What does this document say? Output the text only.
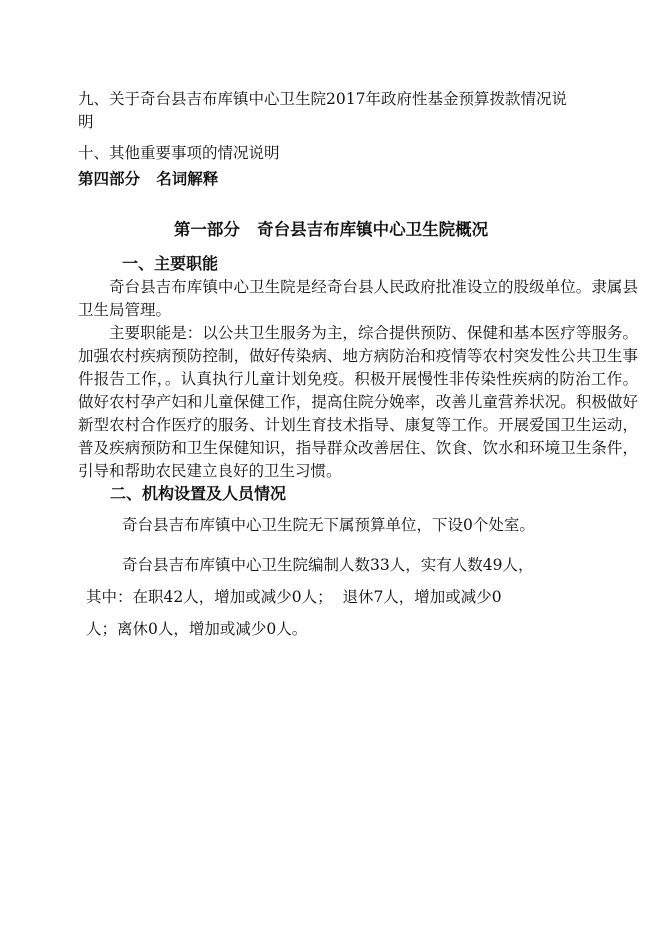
九、关于奇台县吉布库镇中心卫生院2017年政府性基金预算拨款情况说
明

十、其他重要事项的情况说明

第四部分   名词解释

第一部分   奇台县吉布库镇中心卫生院概况

一、主要职能

奇台县吉布库镇中心卫生院是经奇台县人民政府批准设立的股级单位。隶属县卫生局管理。

主要职能是：以公共卫生服务为主，综合提供预防、保健和基本医疗等服务。加强农村疾病预防控制，做好传染病、地方病防治和疫情等农村突发性公共卫生事件报告工作，。认真执行儿童计划免疫。积极开展慢性非传染性疾病的防治工作。做好农村孕产妇和儿童保健工作，提高住院分娩率，改善儿童营养状况。积极做好新型农村合作医疗的服务、计划生育技术指导、康复等工作。开展爱国卫生运动，普及疾病预防和卫生保健知识，指导群众改善居住、饮食、饮水和环境卫生条件，引导和帮助农民建立良好的卫生习惯。

二、机构设置及人员情况

奇台县吉布库镇中心卫生院无下属预算单位，下设0个处室。

奇台县吉布库镇中心卫生院编制人数33人，实有人数49人，

其中：在职42人，增加或减少0人；  退休7人，增加或减少0

人；离休0人，增加或减少0人。
